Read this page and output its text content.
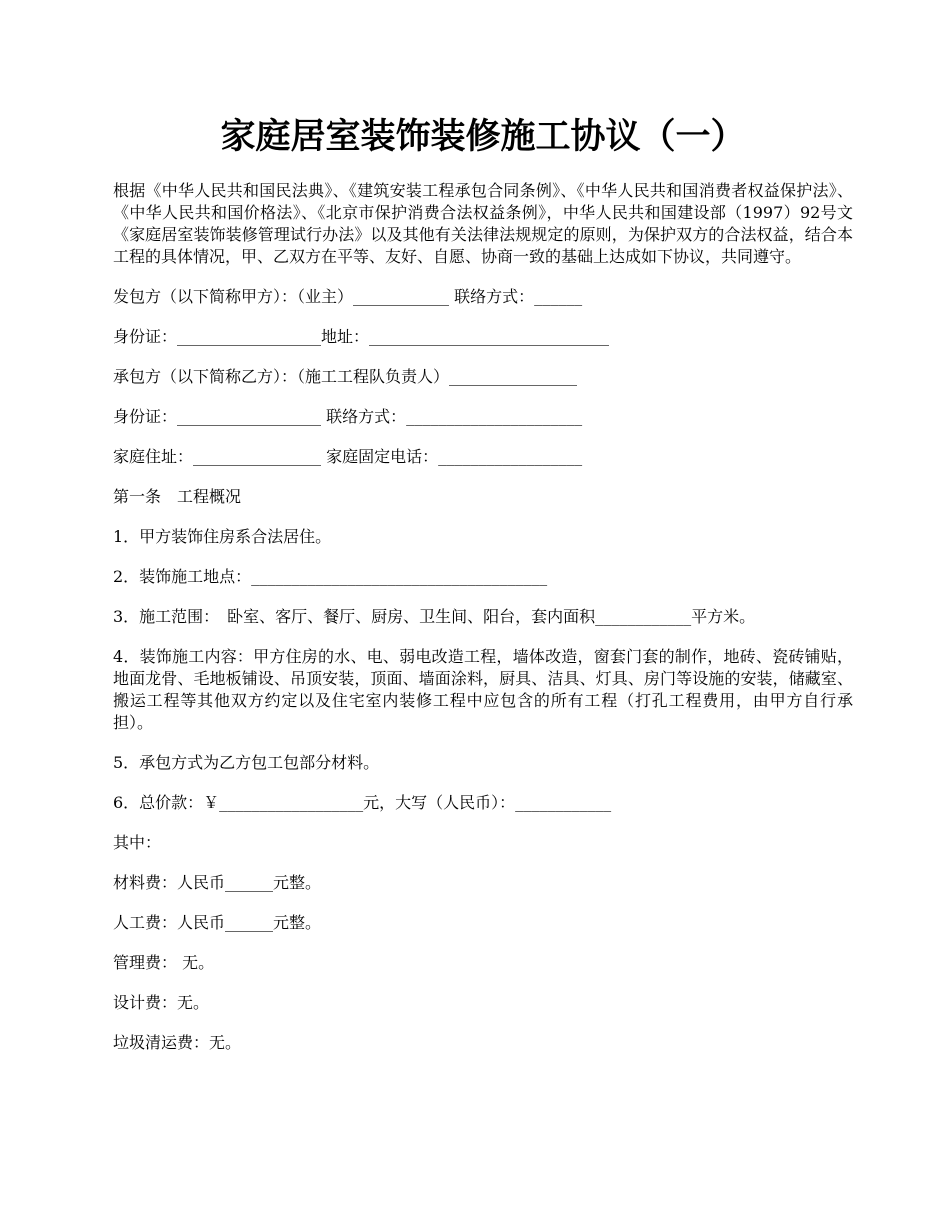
家庭居室装饰装修施工协议（一）

根据《中华人民共和国民法典》、《建筑安装工程承包合同条例》、《中华人民共和国消费者权益保护法》、《中华人民共和国价格法》、《北京市保护消费合法权益条例》，中华人民共和国建设部（1997）92号文《家庭居室装饰装修管理试行办法》以及其他有关法律法规规定的原则，为保护双方的合法权益，结合本工程的具体情况，甲、乙双方在平等、友好、自愿、协商一致的基础上达成如下协议，共同遵守。

发包方（以下简称甲方）：（业主）____________ 联络方式：______

身份证：__________________地址：______________________________

承包方（以下简称乙方）：（施工工程队负责人）________________

身份证：__________________ 联络方式：______________________

家庭住址：________________ 家庭固定电话：__________________

第一条　工程概况

1．甲方装饰住房系合法居住。

2．装饰施工地点：_____________________________________

3．施工范围：　卧室、客厅、餐厅、厨房、卫生间、阳台，套内面积____________平方米。

4．装饰施工内容：甲方住房的水、电、弱电改造工程，墙体改造，窗套门套的制作，地砖、瓷砖铺贴，地面龙骨、毛地板铺设、吊顶安装，顶面、墙面涂料，厨具、洁具、灯具、房门等设施的安装，储藏室、搬运工程等其他双方约定以及住宅室内装修工程中应包含的所有工程（打孔工程费用，由甲方自行承担）。

5．承包方式为乙方包工包部分材料。

6．总价款：￥__________________元，大写（人民币）：____________

其中：

材料费：人民币______元整。

人工费：人民币______元整。

管理费： 无。

设计费：无。

垃圾清运费：无。
